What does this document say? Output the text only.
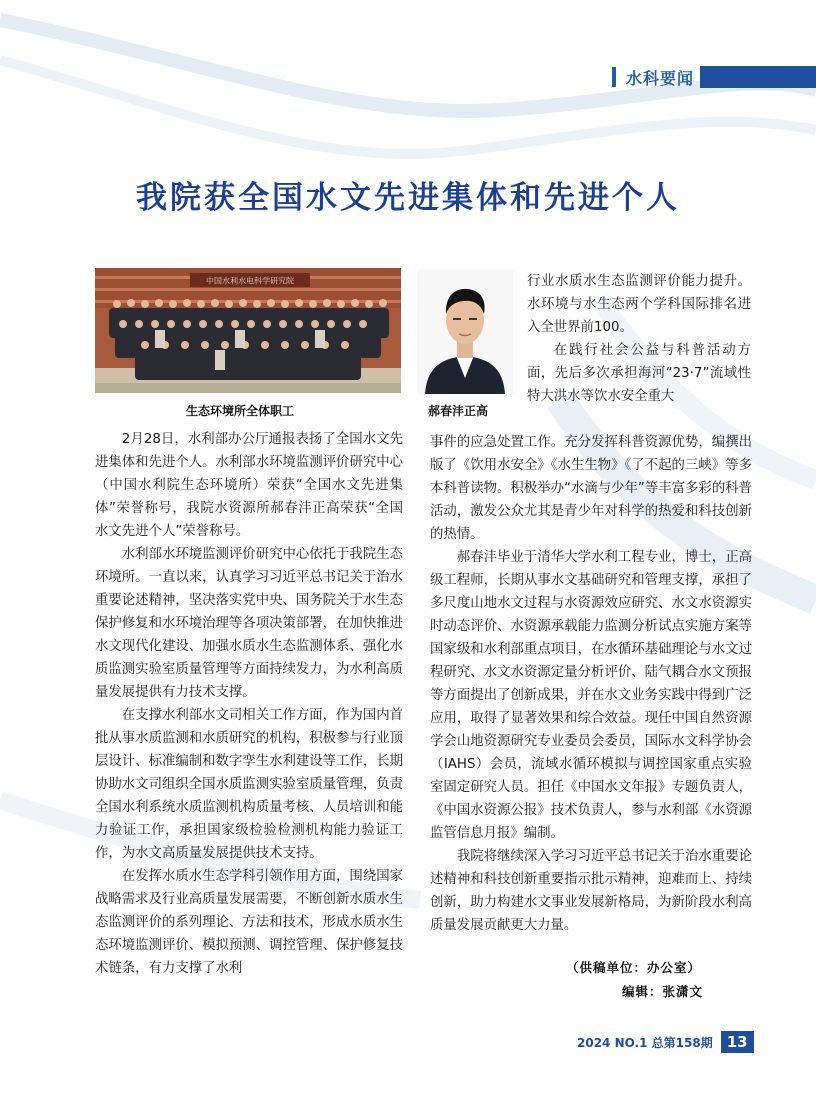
水科要闻
我院获全国水文先进集体和先进个人
中国水利水电科学研究院
生态环境所全体职工	郝春沣正高

行业水质水生态监测评价能力提升。水环境与水生态两个学科国际排名进入全世界前100。

在践行社会公益与科普活动方面，先后多次承担海河“23·7”流域性特大洪水等饮水安全重大

2月28日，水利部办公厅通报表扬了全国水文先进集体和先进个人。水利部水环境监测评价研究中心（中国水利院生态环境所）荣获“全国水文先进集体”荣誉称号，我院水资源所郝春沣正高荣获“全国水文先进个人”荣誉称号。

水利部水环境监测评价研究中心依托于我院生态环境所。一直以来，认真学习习近平总书记关于治水重要论述精神，坚决落实党中央、国务院关于水生态保护修复和水环境治理等各项决策部署，在加快推进水文现代化建设、加强水质水生态监测体系、强化水质监测实验室质量管理等方面持续发力，为水利高质量发展提供有力技术支撑。

在支撑水利部水文司相关工作方面，作为国内首批从事水质监测和水质研究的机构，积极参与行业顶层设计、标准编制和数字孪生水利建设等工作，长期协助水文司组织全国水质监测实验室质量管理，负责全国水利系统水质监测机构质量考核、人员培训和能力验证工作，承担国家级检验检测机构能力验证工作，为水文高质量发展提供技术支持。

在发挥水质水生态学科引领作用方面，围绕国家战略需求及行业高质量发展需要，不断创新水质水生态监测评价的系列理论、方法和技术，形成水质水生态环境监测评价、模拟预测、调控管理、保护修复技术链条，有力支撑了水利

事件的应急处置工作。充分发挥科普资源优势，编撰出版了《饮用水安全》《水生生物》《了不起的三峡》等多本科普读物。积极举办“水滴与少年”等丰富多彩的科普活动，激发公众尤其是青少年对科学的热爱和科技创新的热情。

郝春沣毕业于清华大学水利工程专业，博士，正高级工程师，长期从事水文基础研究和管理支撑，承担了多尺度山地水文过程与水资源效应研究、水文水资源实时动态评价、水资源承载能力监测分析试点实施方案等国家级和水利部重点项目，在水循环基础理论与水文过程研究、水文水资源定量分析评价、陆气耦合水文预报等方面提出了创新成果，并在水文业务实践中得到广泛应用，取得了显著效果和综合效益。现任中国自然资源学会山地资源研究专业委员会委员，国际水文科学协会（IAHS）会员，流域水循环模拟与调控国家重点实验室固定研究人员。担任《中国水文年报》专题负责人，《中国水资源公报》技术负责人，参与水利部《水资源监管信息月报》编制。

我院将继续深入学习习近平总书记关于治水重要论述精神和科技创新重要指示批示精神，迎难而上、持续创新，助力构建水文事业发展新格局，为新阶段水利高质量发展贡献更大力量。

（供稿单位：办公室）
编辑：张潇文
2024 NO.1 总第158期 13
